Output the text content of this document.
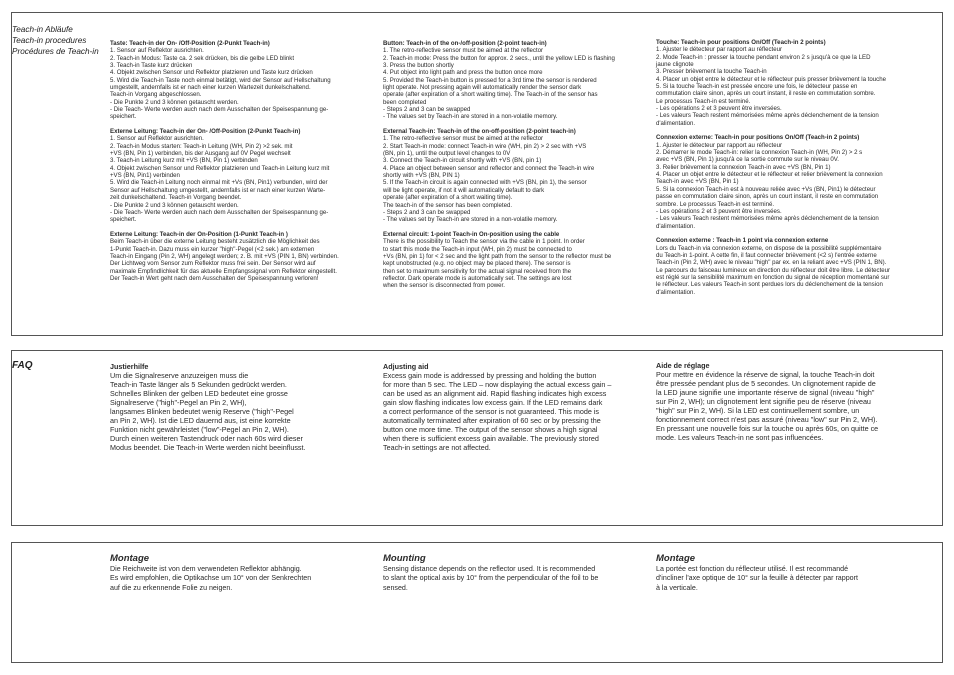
Teach-in Abläufe
Teach-in procedures
Procédures de Teach-in
Taste: Teach-in der On- /Off-Position (2-Punkt Teach-in)
1. Sensor auf Reflektor ausrichten.
2. Teach-in Modus: Taste ca. 2 sek drücken, bis die gelbe LED blinkt
3. Teach-in Taste kurz drücken
4. Objekt zwischen Sensor und Reflektor platzieren und Taste kurz drücken
5. Wird die Teach-in Taste noch einmal betätigt, wird der Sensor auf Hellschaltung
umgestellt, andernfalls ist er nach einer kurzen Wartezeit dunkelschaltend.
Teach-in Vorgang abgeschlossen.
- Die Punkte 2 und 3 können getauscht werden.
- Die Teach- Werte werden auch nach dem Ausschalten der Speisespannung ge-
speichert.
Externe Leitung: Teach-in der On- /Off-Position (2-Punkt Teach-in)
1. Sensor auf Reflektor ausrichten.
2. Teach-in Modus starten: Teach-in Leitung (WH, Pin 2) >2 sek. mit
+VS (BN, Pin 1) verbinden, bis der Ausgang auf 0V Pegel wechselt
3. Teach-in Leitung kurz mit +VS (BN, Pin 1) verbinden
4. Objekt zwischen Sensor und Reflektor platzieren und Teach-in Leitung kurz mit
+VS (BN, Pin1) verbinden
5. Wird die Teach-in Leitung noch einmal mit +Vs (BN, Pin1) verbunden, wird der
Sensor auf Hellschaltung umgestellt, andernfalls ist er nach einer kurzen Warte-
zeit dunkelschaltend. Teach-in Vorgang beendet.
- Die Punkte 2 und 3 können getauscht werden.
- Die Teach- Werte werden auch nach dem Ausschalten der Speisespannung ge-
speichert.
Externe Leitung: Teach-in der On-Position (1-Punkt Teach-in )
Beim Teach-in über die externe Leitung besteht zusätzlich die Möglichkeit des
1-Punkt Teach-in. Dazu muss ein kurzer "high"-Pegel (<2 sek.) am externen
Teach-in Eingang (Pin 2, WH) angelegt werden; z. B. mit +VS (PIN 1, BN) verbinden.
Der Lichtweg vom Sensor zum Reflektor muss frei sein. Der Sensor wird auf
maximale Empfindlichkeit für das aktuelle Empfangssignal vom Reflektor eingestellt.
Der Teach-in Wert geht nach dem Ausschalten der Speisespannung verloren!
Button: Teach-in of the on-/off-position (2-point teach-in)
1. The retro-reflective sensor must be aimed at the reflector
2. Teach-in mode: Press the button for approx. 2 secs., until the yellow LED is flashing
3. Press the button shortly
4. Put object into light path and press the button once more
5. Provided the Teach-in button is pressed for a 3rd time the sensor is rendered
light operate. Not pressing again will automatically render the sensor dark
operate (after expiration of a short waiting time). The Teach-in of the sensor has
been completed
- Steps 2 and 3 can be swapped
- The values set by Teach-in are stored in a non-volatile memory.
External Teach-in: Teach-in of the on-off-position (2-point teach-in)
1. The retro-reflective sensor must be aimed at the reflector
2. Start Teach-in mode: connect Teach-in wire (WH, pin 2) > 2 sec with +VS
(BN, pin 1), until the output level changes to 0V
3. Connect the Teach-in circuit shortly with +VS (BN, pin 1)
4. Place an object between sensor and reflector and connect the Teach-in wire
shortly with +VS (BN, PIN 1)
5. If the Teach-in circuit is again connected with +VS (BN, pin 1), the sensor
will be light operate, if not it will automatically default to dark
operate (after expiration of a short waiting time).
The teach-in of the sensor has been completed.
- Steps 2 and 3 can be swapped
- The values set by Teach-in are stored in a non-volatile memory.
External circuit: 1-point Teach-in On-position using the cable
There is the possibility to Teach the sensor via the cable in 1 point. In order
to start this mode the Teach-in input (WH, pin 2) must be connected to
+Vs (BN, pin 1) for < 2 sec and the light path from the sensor to the reflector must be
kept unobstructed (e.g. no object may be placed there). The sensor is
then set to maximum sensitivity for the actual signal received from the
reflector. Dark operate mode is automatically set. The settings are lost
when the sensor is disconnected from power.
Touche: Teach-in pour positions On/Off (Teach-in 2 points)
1. Ajuster le détecteur par rapport au réflecteur
2. Mode Teach-in : presser la touche pendant environ 2 s jusqu'à ce que la LED
jaune clignote
3. Presser brièvement la touche Teach-in
4. Placer un objet entre le détecteur et le réflecteur puis presser brièvement la touche
5. Si la touche Teach-in est pressée encore une fois, le détecteur passe en
commutation claire sinon, après un court instant, il reste en commutation sombre.
Le processus Teach-in est terminé.
- Les opérations 2 et 3 peuvent être inversées.
- Les valeurs Teach restent mémorisées même après déclenchement de la tension
d'alimentation.
Connexion externe: Teach-in pour positions On/Off (Teach-in 2 points)
1. Ajuster le détecteur par rapport au réflecteur
2. Démarrer le mode Teach-in: relier la connexion Teach-in (WH, Pin 2) > 2 s
avec +VS (BN, Pin 1) jusqu'à ce la sortie commute sur le niveau 0V.
3. Relier brièvement la connexion Teach-in avec +VS (BN, Pin 1)
4. Placer un objet entre le détecteur et le réflecteur et relier brièvement la connexion
Teach-in avec +VS (BN, Pin 1)
5. Si la connexion Teach-in est à nouveau reliée avec +Vs (BN, Pin1) le détecteur
passe en commutation claire sinon, après un court instant, il reste en commutation
sombre. Le processus Teach-in est terminé.
- Les opérations 2 et 3 peuvent être inversées.
- Les valeurs Teach restent mémorisées même après déclenchement de la tension
d'alimentation.
Connexion externe : Teach-in 1 point via connexion externe
Lors du Teach-in via connexion externe, on dispose de la possibilité supplémentaire
du Teach-in 1-point. A cette fin, il faut connecter brièvement (<2 s) l'entrée externe
Teach-in (Pin 2, WH) avec le niveau "high" par ex. en la reliant avec +VS (PIN 1, BN).
Le parcours du faisceau lumineux en direction du réflecteur doit être libre. Le détecteur
est réglé sur la sensibilité maximum en fonction du signal de réception momentané sur
le réflecteur. Les valeurs Teach-in sont perdues lors du déclenchement de la tension
d'alimentation.
FAQ	Justierhilfe
Um die Signalreserve anzuzeigen muss die
Teach-in Taste länger als 5 Sekunden gedrückt werden.
Schnelles Blinken der gelben LED bedeutet eine grosse
Signalreserve ("high"-Pegel an Pin 2, WH),
langsames Blinken bedeutet wenig Reserve ("high"-Pegel
an Pin 2, WH). Ist die LED dauernd aus, ist eine korrekte
Funktion nicht gewährleistet ("low"-Pegel an Pin 2, WH).
Durch einen weiteren Tastendruck oder nach 60s wird dieser
Modus beendet. Die Teach-in Werte werden nicht beeinflusst.
Adjusting aid
Excess gain mode is addressed by pressing and holding the button
for more than 5 sec. The LED – now displaying the actual excess gain –
can be used as an alignment aid. Rapid flashing indicates high excess
gain slow flashing indicates low excess gain. If the LED remains dark
a correct performance of the sensor is not guaranteed. This mode is
automatically terminated after expiration of 60 sec or by pressing the
button one more time. The output of the sensor shows a high signal
when there is sufficient excess gain available. The previously stored
Teach-in settings are not affected.
Aide de réglage
Pour mettre en évidence la réserve de signal, la touche Teach-in doit
être pressée pendant plus de 5 secondes. Un clignotement rapide de
la LED jaune signifie une importante réserve de signal (niveau "high"
sur Pin 2, WH); un clignotement lent signifie peu de réserve (niveau
"high" sur Pin 2, WH). Si la LED est continuellement sombre, un
fonctionnement correct n'est pas assuré (niveau "low" sur Pin 2, WH).
En pressant une nouvelle fois sur la touche ou après 60s, on quitte ce
mode. Les valeurs Teach-in ne sont pas influencées.
Montage
Die Reichweite ist von dem verwendeten Reflektor abhängig.
Es wird empfohlen, die Optikachse um 10° von der Senkrechten
auf die zu erkennende Folie zu neigen.
Mounting
Sensing distance depends on the reflector used. It is recommended
to slant the optical axis by 10° from the perpendicular of the foil to be
sensed.
Montage
La portée est fonction du réflecteur utilisé. Il est recommandé
d'incliner l'axe optique de 10° sur la feuille à détecter par rapport
à la verticale.
